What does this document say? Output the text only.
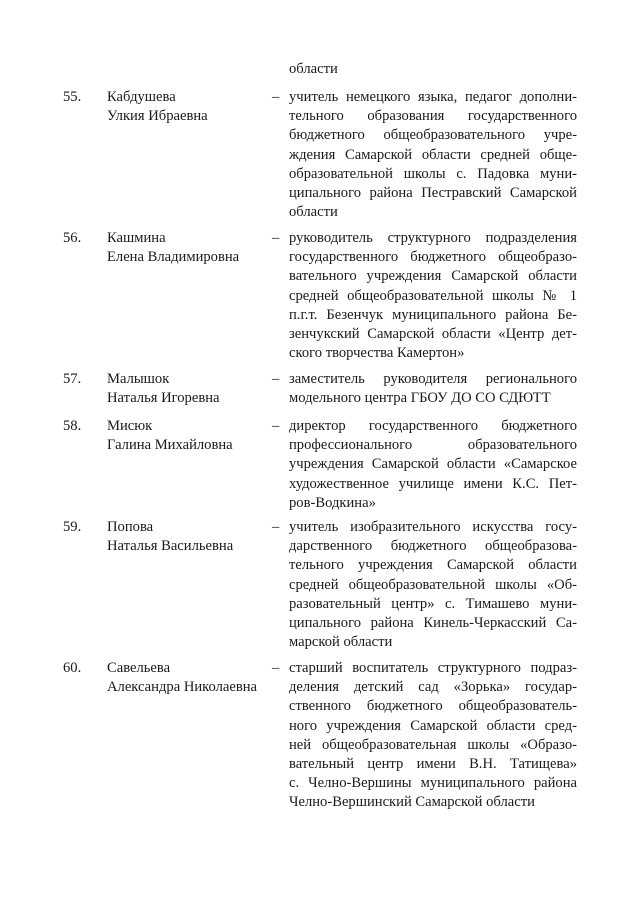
области
55. Кабдушева
Улкия Ибраевна
– учитель немецкого языка, педагог дополни-
тельного образования государственного
бюджетного общеобразовательного учре-
ждения Самарской области средней обще-
образовательной школы с. Падовка муни-
ципального района Пестравский Самарской
области
56. Кашмина
Елена Владимировна
– руководитель структурного подразделения
государственного бюджетного общеобразо-
вательного учреждения Самарской области
средней общеобразовательной школы № 1
п.г.т. Безенчук муниципального района Бе-
зенчукский Самарской области «Центр дет-
ского творчества Камертон»
57. Малышок
Наталья Игоревна
– заместитель руководителя регионального
модельного центра ГБОУ ДО СО СДЮТТ
58. Мисюк
Галина Михайловна
– директор государственного бюджетного
профессионального образовательного
учреждения Самарской области «Самарское
художественное училище имени К.С. Пет-
ров-Водкина»
59. Попова
Наталья Васильевна
– учитель изобразительного искусства госу-
дарственного бюджетного общеобразова-
тельного учреждения Самарской области
средней общеобразовательной школы «Об-
разовательный центр» с. Тимашево муни-
ципального района Кинель-Черкасский Са-
марской области
60. Савельева
Александра Николаевна
– старший воспитатель структурного подраз-
деления детский сад «Зорька» государ-
ственного бюджетного общеобразователь-
ного учреждения Самарской области сред-
ней общеобразовательная школы «Образо-
вательный центр имени В.Н. Татищева»
с. Челно-Вершины муниципального района
Челно-Вершинский Самарской области
